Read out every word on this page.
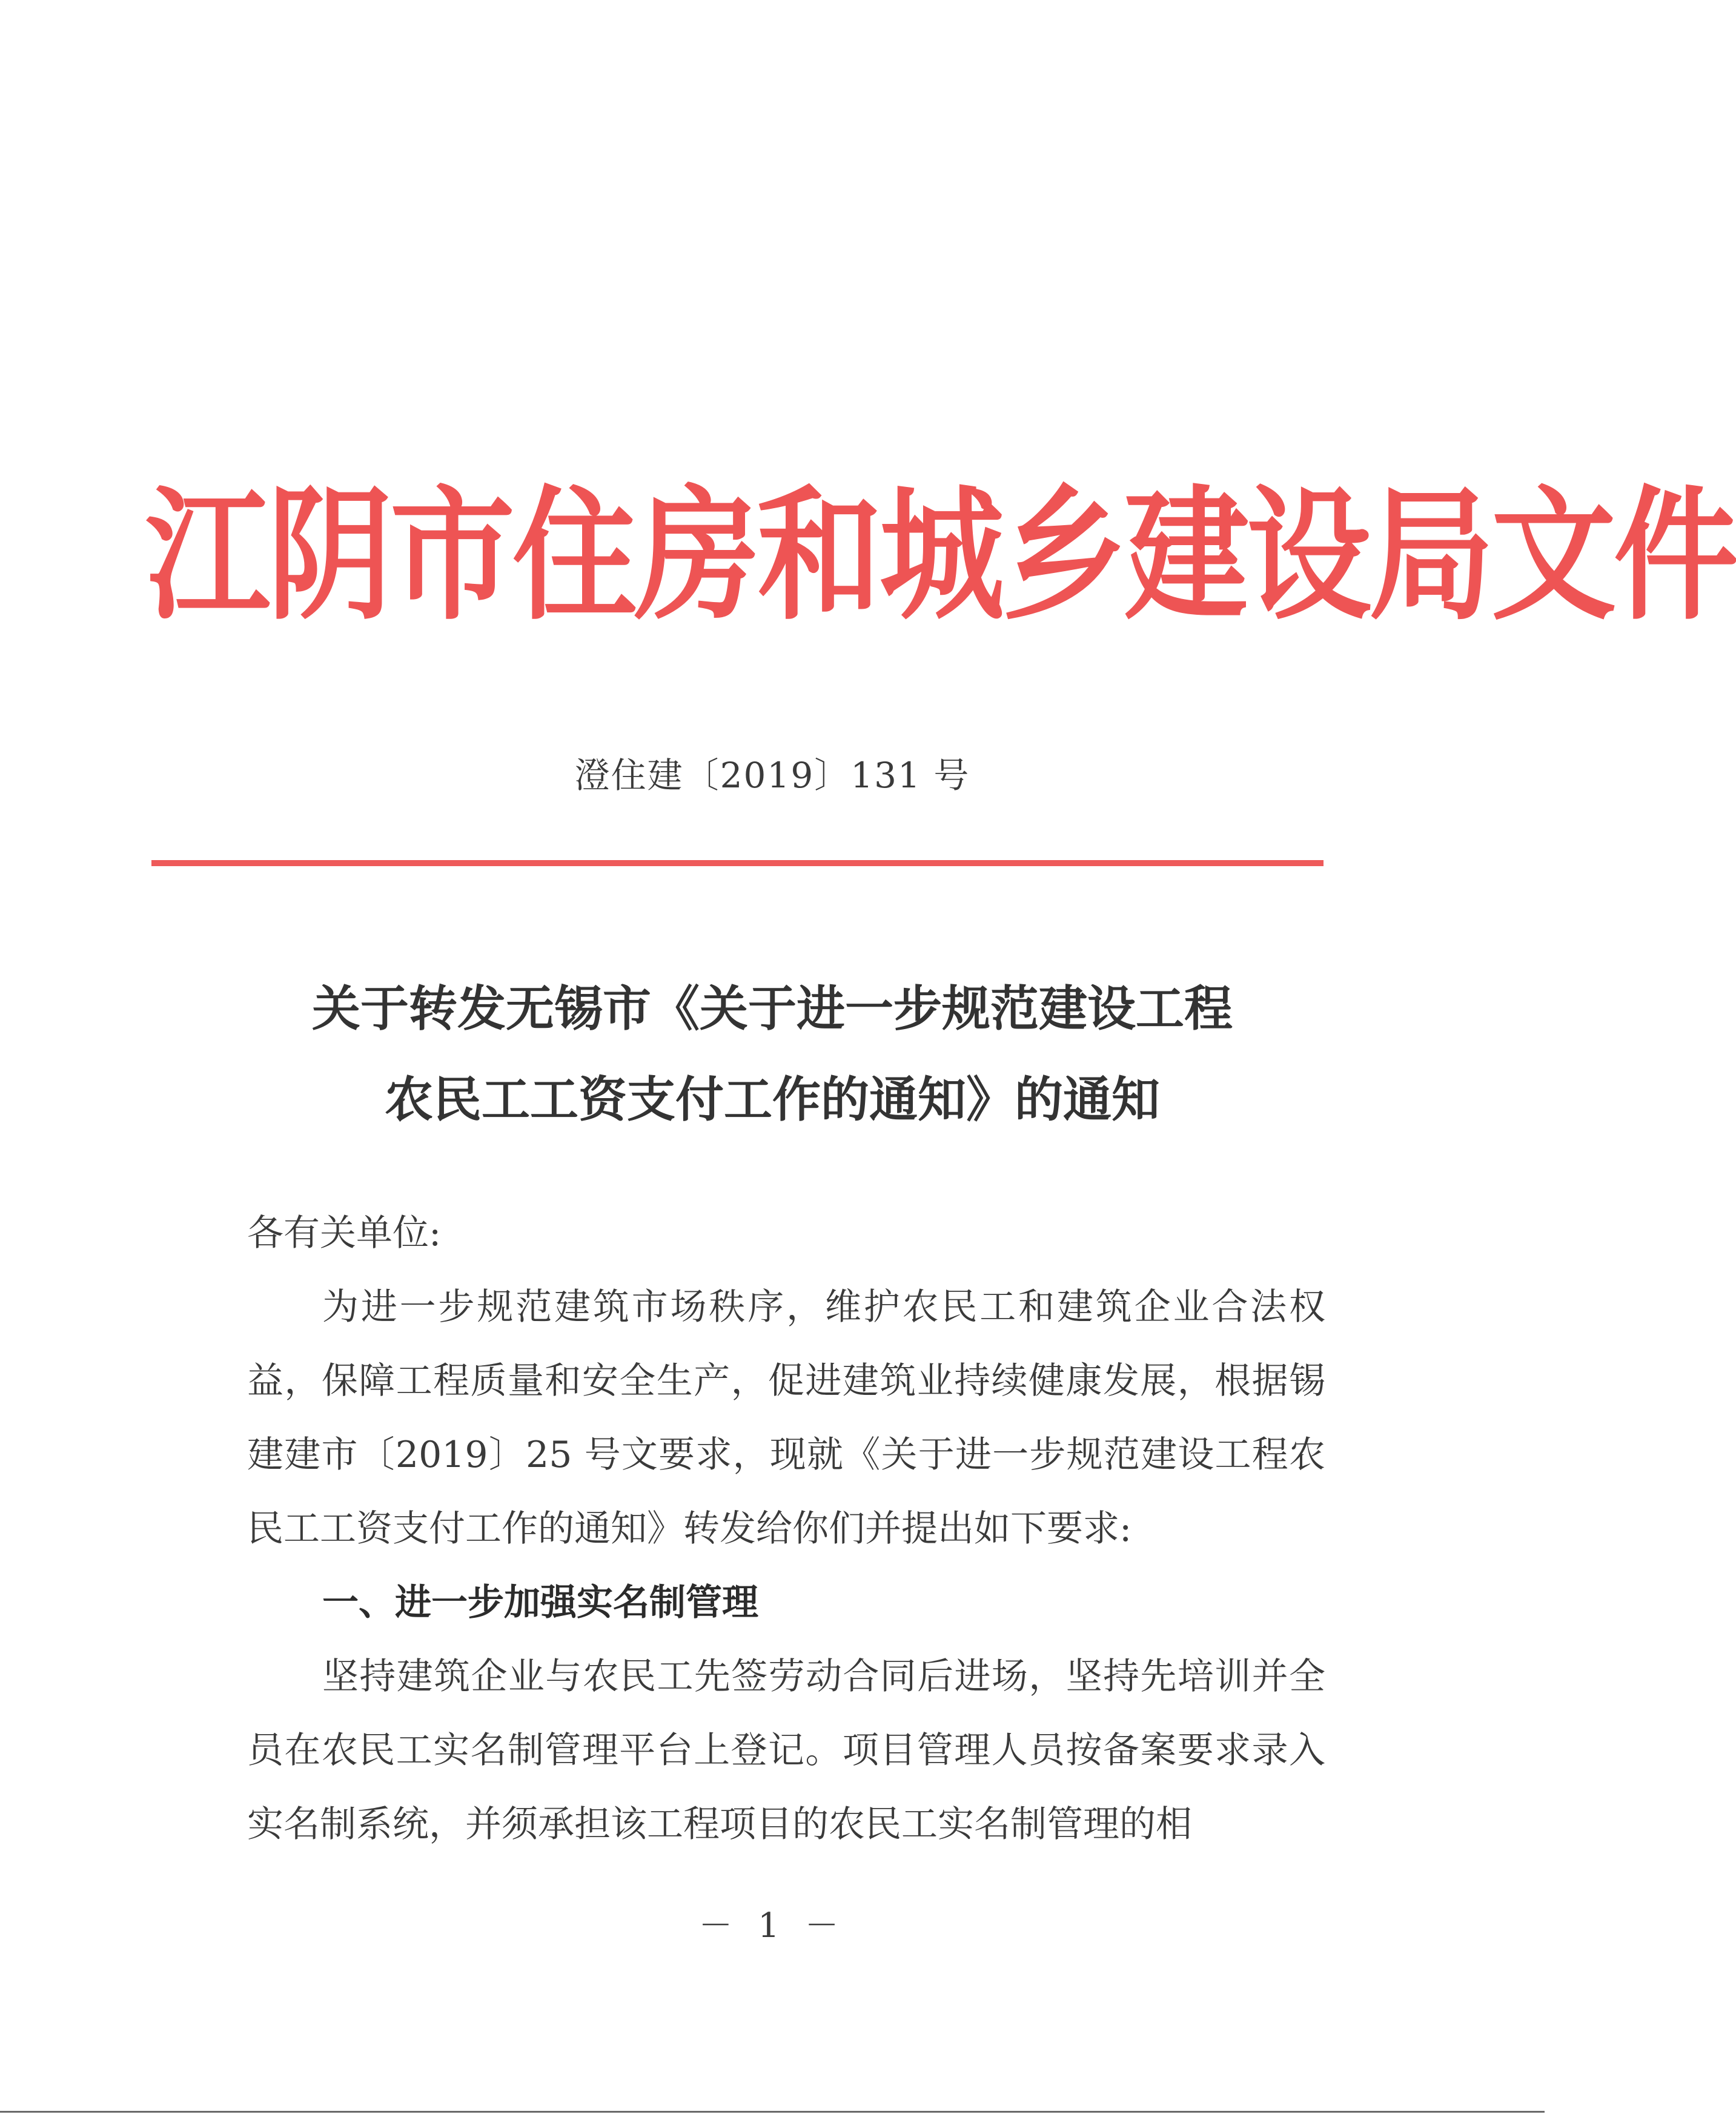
江阴市住房和城乡建设局文件
澄住建〔2019〕131 号
关于转发无锡市《关于进一步规范建设工程
农民工工资支付工作的通知》的通知

各有关单位:

为进一步规范建筑市场秩序，维护农民工和建筑企业合法权益，保障工程质量和安全生产，促进建筑业持续健康发展，根据锡建建市〔2019〕25 号文要求，现就《关于进一步规范建设工程农民工工资支付工作的通知》转发给你们并提出如下要求:

一、进一步加强实名制管理

坚持建筑企业与农民工先签劳动合同后进场，坚持先培训并全员在农民工实名制管理平台上登记。项目管理人员按备案要求录入实名制系统，并须承担该工程项目的农民工实名制管理的相

－ 1 －
